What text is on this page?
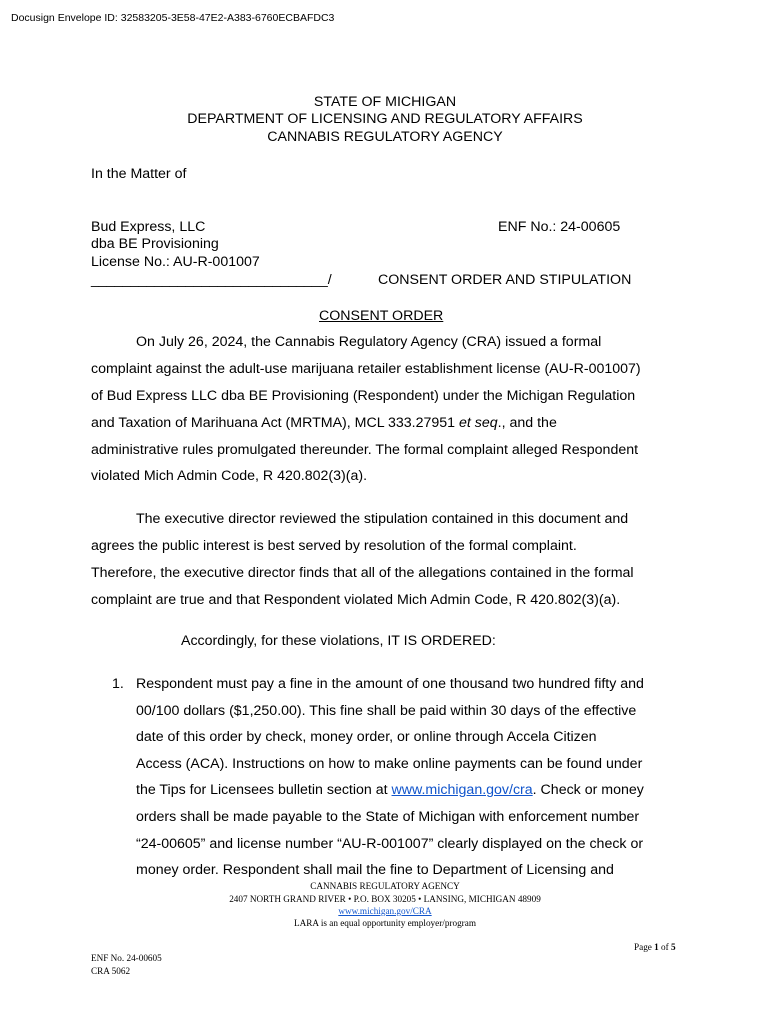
Docusign Envelope ID: 32583205-3E58-47E2-A383-6760ECBAFDC3
STATE OF MICHIGAN
DEPARTMENT OF LICENSING AND REGULATORY AFFAIRS
CANNABIS REGULATORY AGENCY
In the Matter of
Bud Express, LLC
dba BE Provisioning
License No.: AU-R-001007
______________________________/
ENF No.: 24-00605
CONSENT ORDER AND STIPULATION
CONSENT ORDER
On July 26, 2024, the Cannabis Regulatory Agency (CRA) issued a formal
complaint against the adult-use marijuana retailer establishment license (AU-R-001007)
of Bud Express LLC dba BE Provisioning (Respondent) under the Michigan Regulation
and Taxation of Marihuana Act (MRTMA), MCL 333.27951 et seq., and the
administrative rules promulgated thereunder. The formal complaint alleged Respondent
violated Mich Admin Code, R 420.802(3)(a).
The executive director reviewed the stipulation contained in this document and
agrees the public interest is best served by resolution of the formal complaint.
Therefore, the executive director finds that all of the allegations contained in the formal
complaint are true and that Respondent violated Mich Admin Code, R 420.802(3)(a).
Accordingly, for these violations, IT IS ORDERED:
1. Respondent must pay a fine in the amount of one thousand two hundred fifty and
00/100 dollars ($1,250.00). This fine shall be paid within 30 days of the effective
date of this order by check, money order, or online through Accela Citizen
Access (ACA). Instructions on how to make online payments can be found under
the Tips for Licensees bulletin section at www.michigan.gov/cra. Check or money
orders shall be made payable to the State of Michigan with enforcement number
“24-00605” and license number “AU-R-001007” clearly displayed on the check or
money order. Respondent shall mail the fine to Department of Licensing and
CANNABIS REGULATORY AGENCY
2407 NORTH GRAND RIVER • P.O. BOX 30205 • LANSING, MICHIGAN 48909
www.michigan.gov/CRA
LARA is an equal opportunity employer/program
Page 1 of 5
ENF No. 24-00605
CRA 5062
